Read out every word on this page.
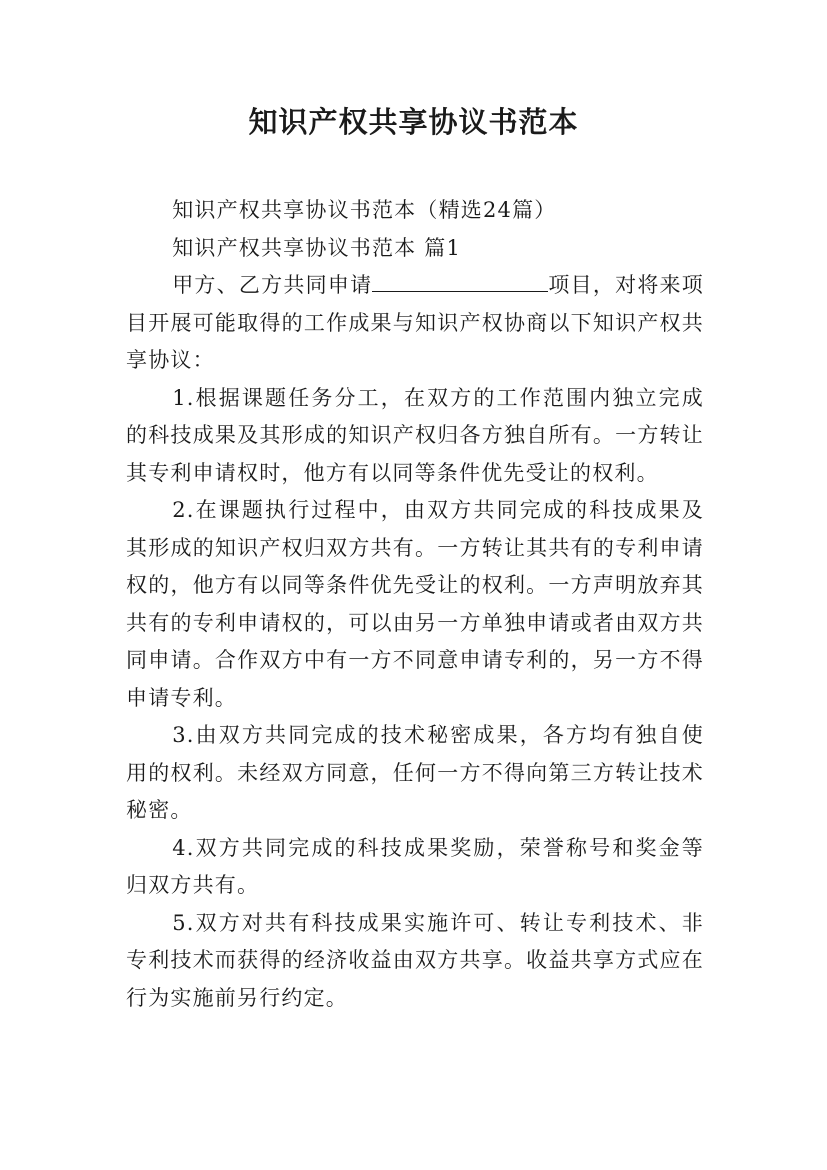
知识产权共享协议书范本

知识产权共享协议书范本（精选24篇）

知识产权共享协议书范本 篇1

甲方、乙方共同申请	项目，对将来项目开展可能取得的工作成果与知识产权协商以下知识产权共享协议：

1.根据课题任务分工，在双方的工作范围内独立完成的科技成果及其形成的知识产权归各方独自所有。一方转让其专利申请权时，他方有以同等条件优先受让的权利。

2.在课题执行过程中，由双方共同完成的科技成果及其形成的知识产权归双方共有。一方转让其共有的专利申请权的，他方有以同等条件优先受让的权利。一方声明放弃其共有的专利申请权的，可以由另一方单独申请或者由双方共同申请。合作双方中有一方不同意申请专利的，另一方不得申请专利。

3.由双方共同完成的技术秘密成果，各方均有独自使用的权利。未经双方同意，任何一方不得向第三方转让技术秘密。

4.双方共同完成的科技成果奖励，荣誉称号和奖金等归双方共有。

5.双方对共有科技成果实施许可、转让专利技术、非专利技术而获得的经济收益由双方共享。收益共享方式应在行为实施前另行约定。
